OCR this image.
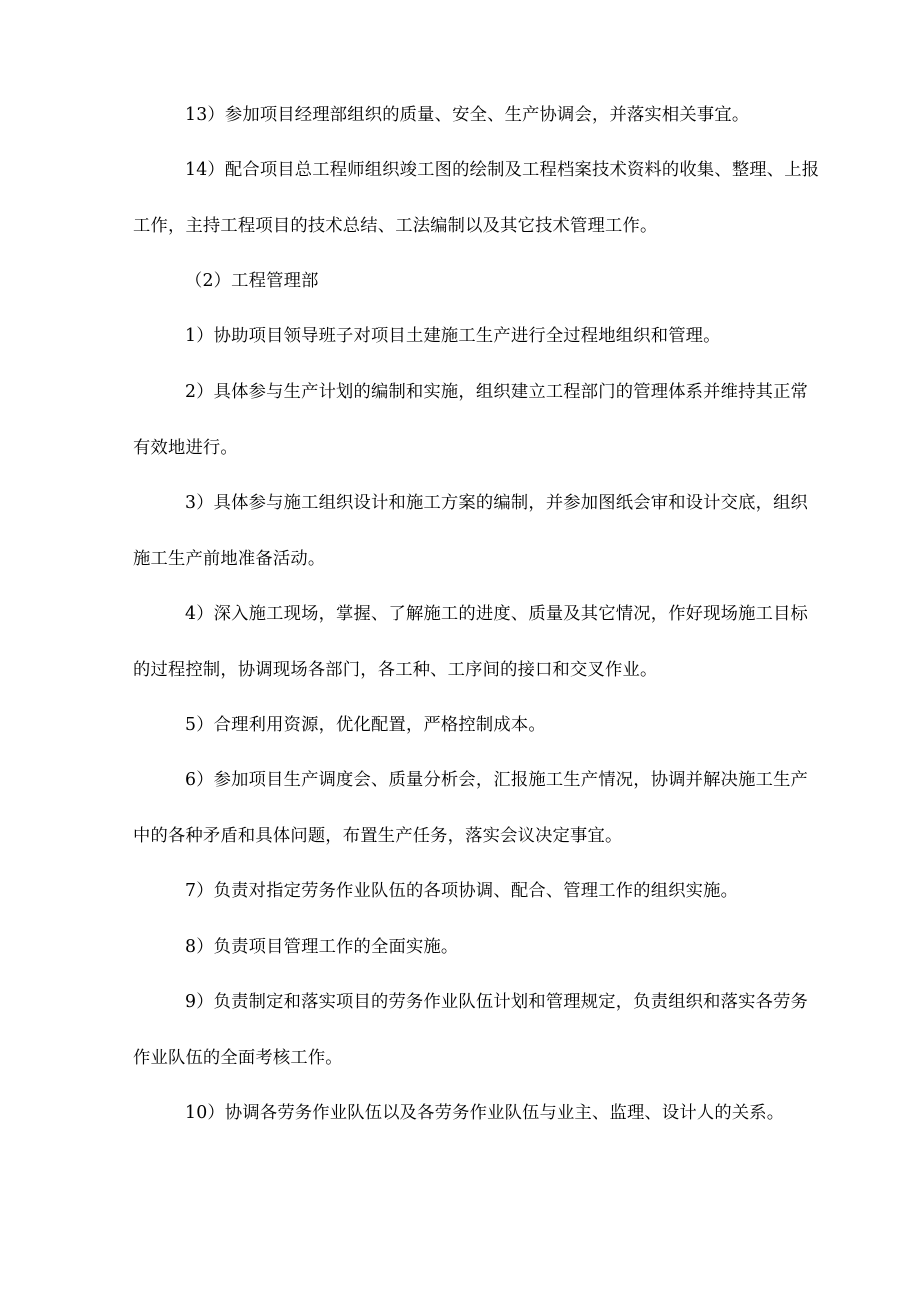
13）参加项目经理部组织的质量、安全、生产协调会，并落实相关事宜。

14）配合项目总工程师组织竣工图的绘制及工程档案技术资料的收集、整理、上报工作，主持工程项目的技术总结、工法编制以及其它技术管理工作。

（2）工程管理部

1）协助项目领导班子对项目土建施工生产进行全过程地组织和管理。

2）具体参与生产计划的编制和实施，组织建立工程部门的管理体系并维持其正常有效地进行。

3）具体参与施工组织设计和施工方案的编制，并参加图纸会审和设计交底，组织施工生产前地准备活动。

4）深入施工现场，掌握、了解施工的进度、质量及其它情况，作好现场施工目标的过程控制，协调现场各部门，各工种、工序间的接口和交叉作业。

5）合理利用资源，优化配置，严格控制成本。

6）参加项目生产调度会、质量分析会，汇报施工生产情况，协调并解决施工生产中的各种矛盾和具体问题，布置生产任务，落实会议决定事宜。

7）负责对指定劳务作业队伍的各项协调、配合、管理工作的组织实施。

8）负责项目管理工作的全面实施。

9）负责制定和落实项目的劳务作业队伍计划和管理规定，负责组织和落实各劳务作业队伍的全面考核工作。

10）协调各劳务作业队伍以及各劳务作业队伍与业主、监理、设计人的关系。
